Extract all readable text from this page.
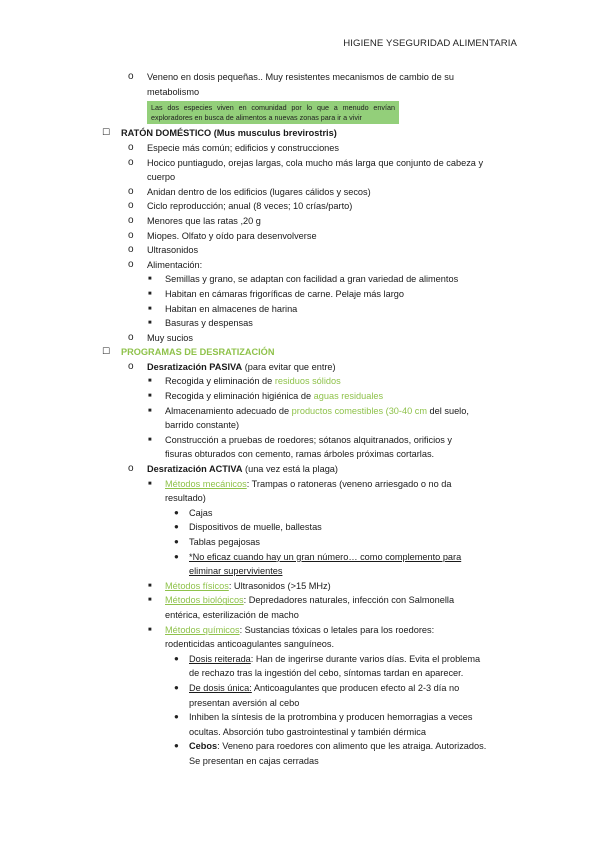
HIGIENE YSEGURIDAD ALIMENTARIA
o Veneno en dosis pequeñas.. Muy resistentes mecanismos de cambio de su
metabolismo
Las dos especies viven en comunidad por lo que a menudo envían exploradores en busca de alimentos a nuevas zonas para ir a vivir
☐ RATÓN DOMÉSTICO (Mus musculus brevirostris)
o Especie más común; edificios y construcciones
o Hocico puntiagudo, orejas largas, cola mucho más larga que conjunto de cabeza y
cuerpo
o Anidan dentro de los edificios (lugares cálidos y secos)
o Ciclo reproducción; anual (8 veces; 10 crías/parto)
o Menores que las ratas ,20 g
o Miopes. Olfato y oído para desenvolverse
o Ultrasonidos
o Alimentación:
■ Semillas y grano, se adaptan con facilidad a gran variedad de alimentos
■ Habitan en cámaras frigoríficas de carne. Pelaje más largo
■ Habitan en almacenes de harina
■ Basuras y despensas
o Muy sucios
☐ PROGRAMAS DE DESRATIZACIÓN
o Desratización PASIVA (para evitar que entre)
■ Recogida y eliminación de residuos sólidos
■ Recogida y eliminación higiénica de aguas residuales
■ Almacenamiento adecuado de productos comestibles (30-40 cm del suelo,
barrido constante)
■ Construcción a pruebas de roedores; sótanos alquitranados, orificios y
fisuras obturados con cemento, ramas árboles próximas cortarlas.
o Desratización ACTIVA (una vez está la plaga)
■ Métodos mecánicos: Trampas o ratoneras (veneno arriesgado o no da
resultado)
● Cajas
● Dispositivos de muelle, ballestas
● Tablas pegajosas
● *No eficaz cuando hay un gran número… como complemento para
eliminar supervivientes
■ Métodos físicos: Ultrasonidos (>15 MHz)
■ Métodos biológicos: Depredadores naturales, infección con Salmonella
entérica, esterilización de macho
■ Métodos químicos: Sustancias tóxicas o letales para los roedores:
rodenticidas anticoagulantes sanguíneos.
● Dosis reiterada: Han de ingerirse durante varios días. Evita el problema
de rechazo tras la ingestión del cebo, síntomas tardan en aparecer.
● De dosis única: Anticoagulantes que producen efecto al 2-3 día no
presentan aversión al cebo
● Inhiben la síntesis de la protrombina y producen hemorragias a veces
ocultas. Absorción tubo gastrointestinal y también dérmica
● Cebos: Veneno para roedores con alimento que les atraiga. Autorizados.
Se presentan en cajas cerradas
